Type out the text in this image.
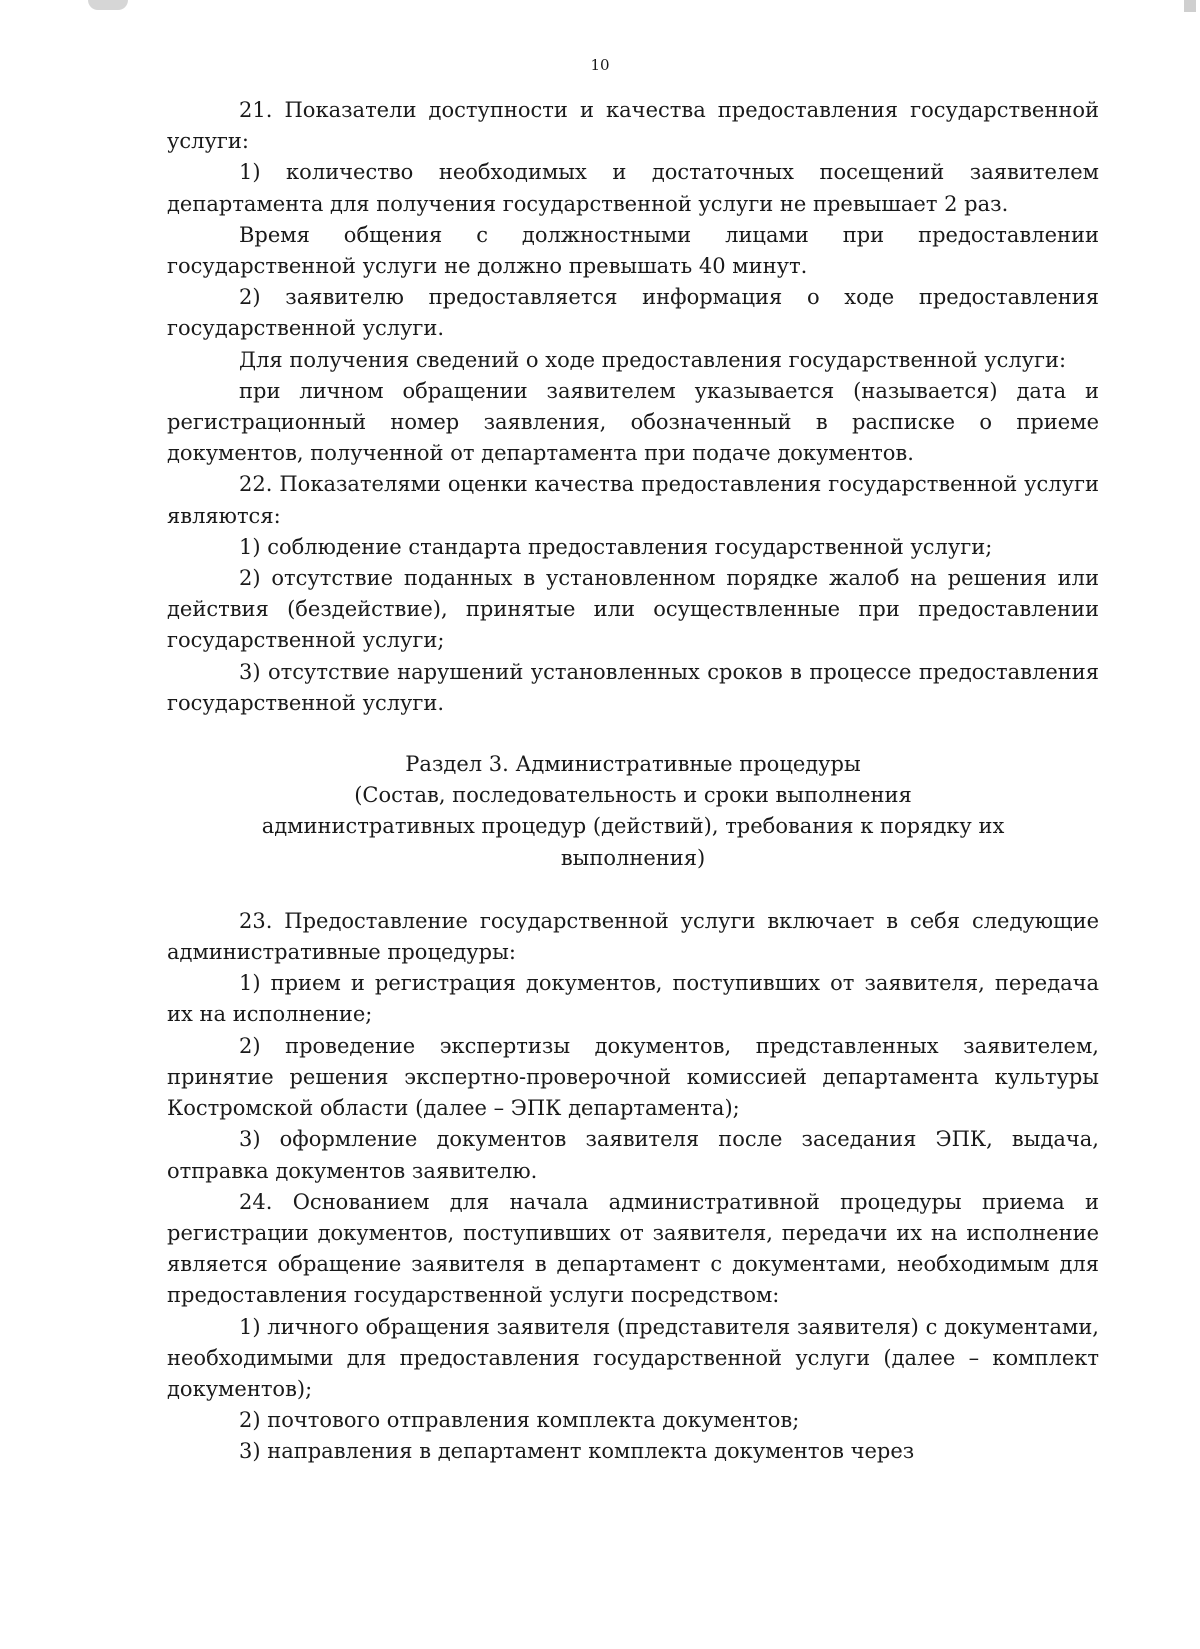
10

21. Показатели доступности и качества предоставления государственной услуги:

1) количество необходимых и достаточных посещений заявителем департамента для получения государственной услуги не превышает 2 раз.

Время общения с должностными лицами при предоставлении государственной услуги не должно превышать 40 минут.

2) заявителю предоставляется информация о ходе предоставления государственной услуги.

Для получения сведений о ходе предоставления государственной услуги:

при личном обращении заявителем указывается (называется) дата и регистрационный номер заявления, обозначенный в расписке о приеме документов, полученной от департамента при подаче документов.

22. Показателями оценки качества предоставления государственной услуги являются:

1) соблюдение стандарта предоставления государственной услуги;

2) отсутствие поданных в установленном порядке жалоб на решения или действия (бездействие), принятые или осуществленные при предоставлении государственной услуги;

3) отсутствие нарушений установленных сроков в процессе предоставления государственной услуги.

Раздел 3. Административные процедуры
(Состав, последовательность и сроки выполнения
административных процедур (действий), требования к порядку их
выполнения)

23. Предоставление государственной услуги включает в себя следующие административные процедуры:

1) прием и регистрация документов, поступивших от заявителя, передача их на исполнение;

2) проведение экспертизы документов, представленных заявителем, принятие решения экспертно-проверочной комиссией департамента культуры Костромской области (далее – ЭПК департамента);

3) оформление документов заявителя после заседания ЭПК, выдача, отправка документов заявителю.

24. Основанием для начала административной процедуры приема и регистрации документов, поступивших от заявителя, передачи их на исполнение является обращение заявителя в департамент с документами, необходимым для предоставления государственной услуги посредством:

1) личного обращения заявителя (представителя заявителя) с документами, необходимыми для предоставления государственной услуги (далее – комплект документов);

2) почтового отправления комплекта документов;

3) направления в департамент комплекта документов через
